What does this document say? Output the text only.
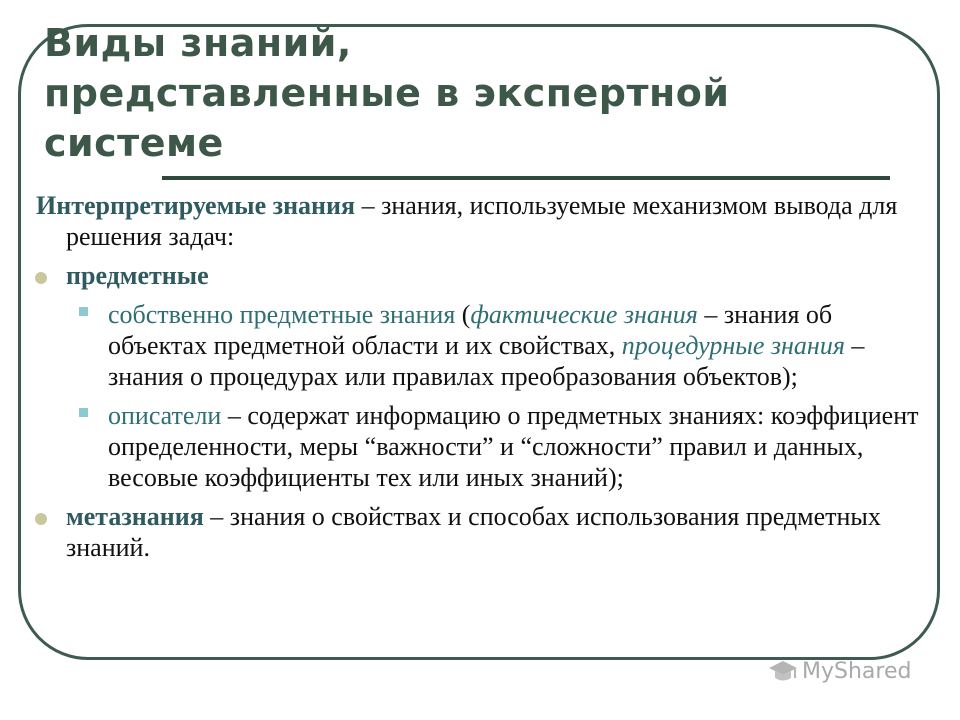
Виды знаний,
представленные в экспертной
системе

Интерпретируемые знания – знания, используемые механизмом вывода для решения задач:

предметные

собственно предметные знания (фактические знания – знания об объектах предметной области и их свойствах, процедурные знания – знания о процедурах или правилах преобразования объектов);

описатели – содержат информацию о предметных знаниях: коэффициент определенности, меры “важности” и “сложности” правил и данных, весовые коэффициенты тех или иных знаний);

метазнания – знания о свойствах и способах использования предметных знаний.

MyShared
